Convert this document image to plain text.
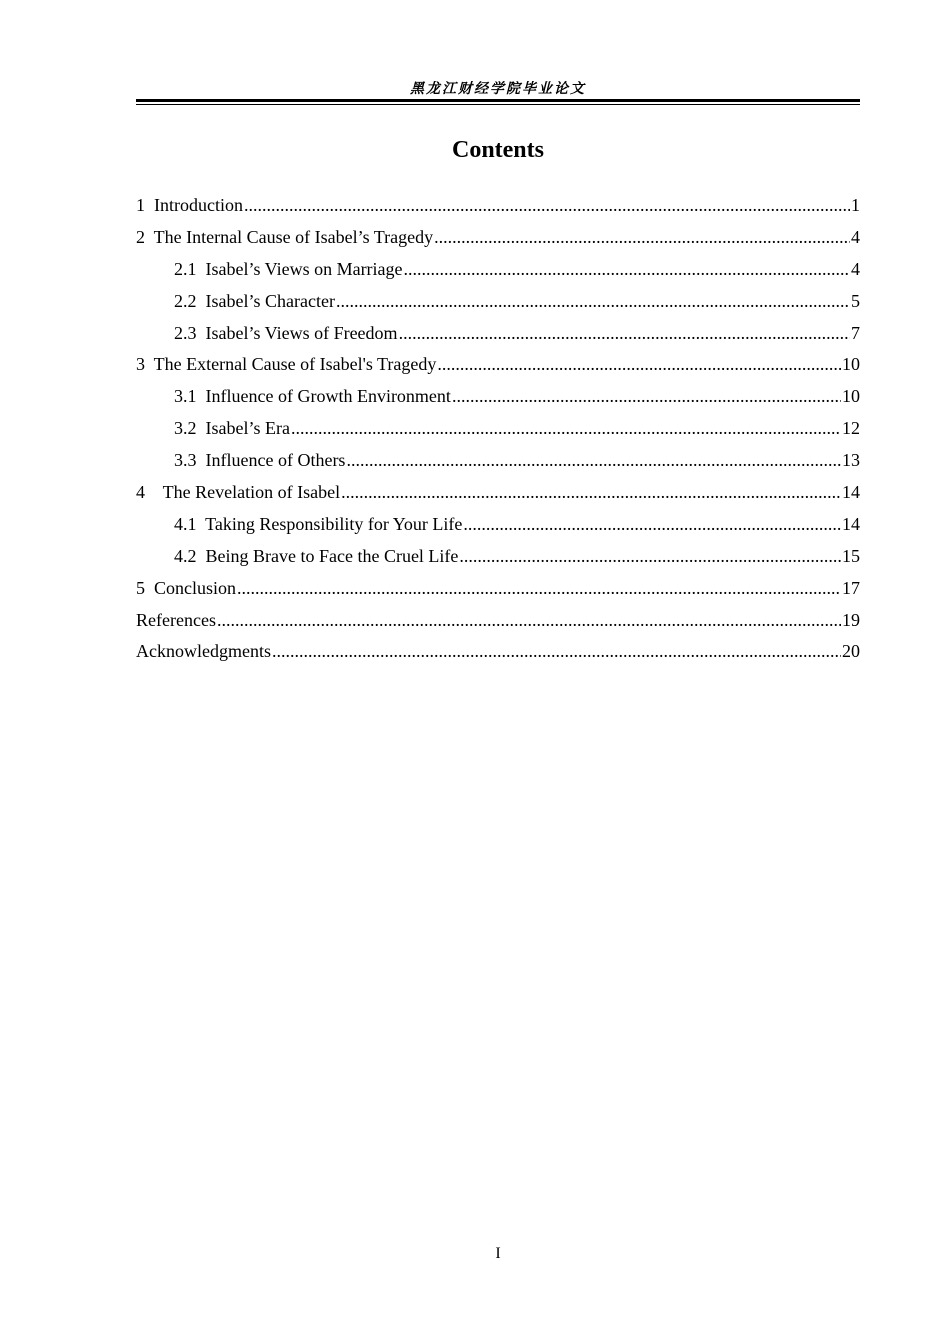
黑龙江财经学院毕业论文
Contents
1  Introduction .....	1
2  The Internal Cause of Isabel’s Tragedy .....	4
2.1  Isabel’s Views on Marriage .....	4
2.2  Isabel’s Character .....	5
2.3  Isabel’s Views of Freedom .....	7
3  The External Cause of Isabel's Tragedy .....	10
3.1  Influence of Growth Environment .....	10
3.2  Isabel’s Era .....	12
3.3  Influence of Others .....	13
4    The Revelation of Isabel .....	14
4.1  Taking Responsibility for Your Life .....	14
4.2  Being Brave to Face the Cruel Life .....	15
5  Conclusion .....	17
References .....	19
Acknowledgments .....	20
I
